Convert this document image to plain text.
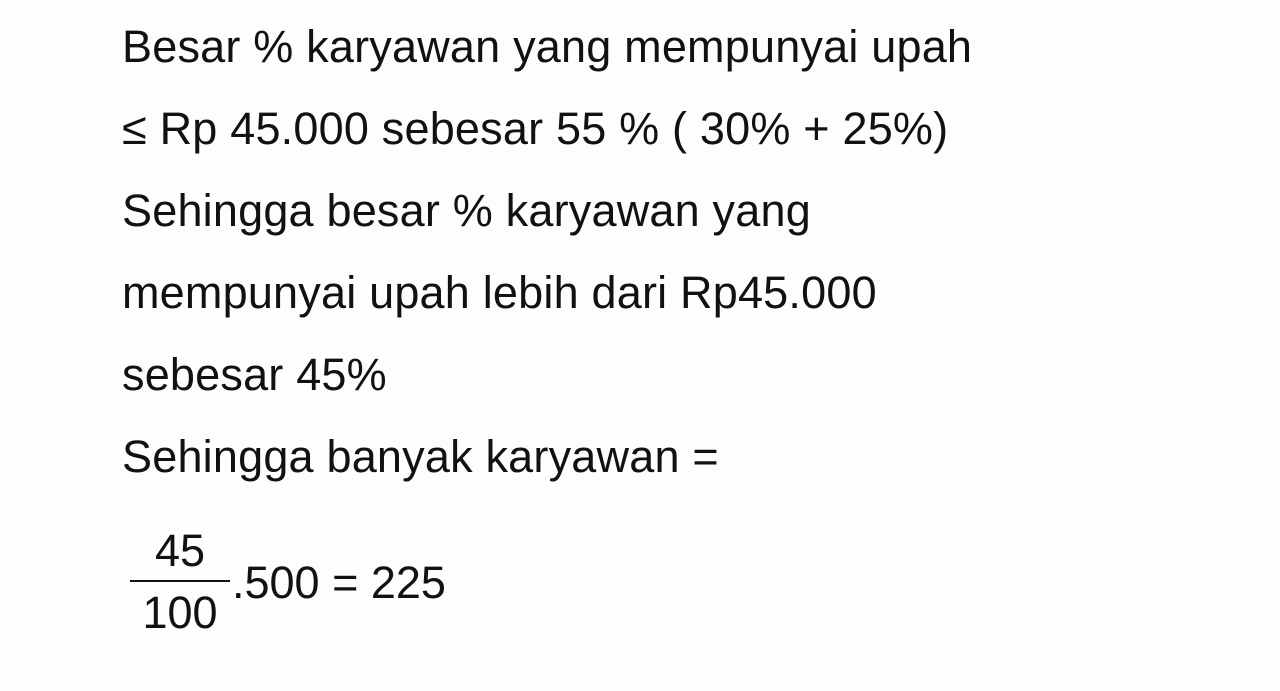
Besar % karyawan yang mempunyai upah
≤ Rp 45.000 sebesar 55 % ( 30% + 25%)
Sehingga besar % karyawan yang
mempunyai upah lebih dari Rp45.000
sebesar 45%
Sehingga banyak karyawan =
$\frac{45}{100} .500 = 225$
